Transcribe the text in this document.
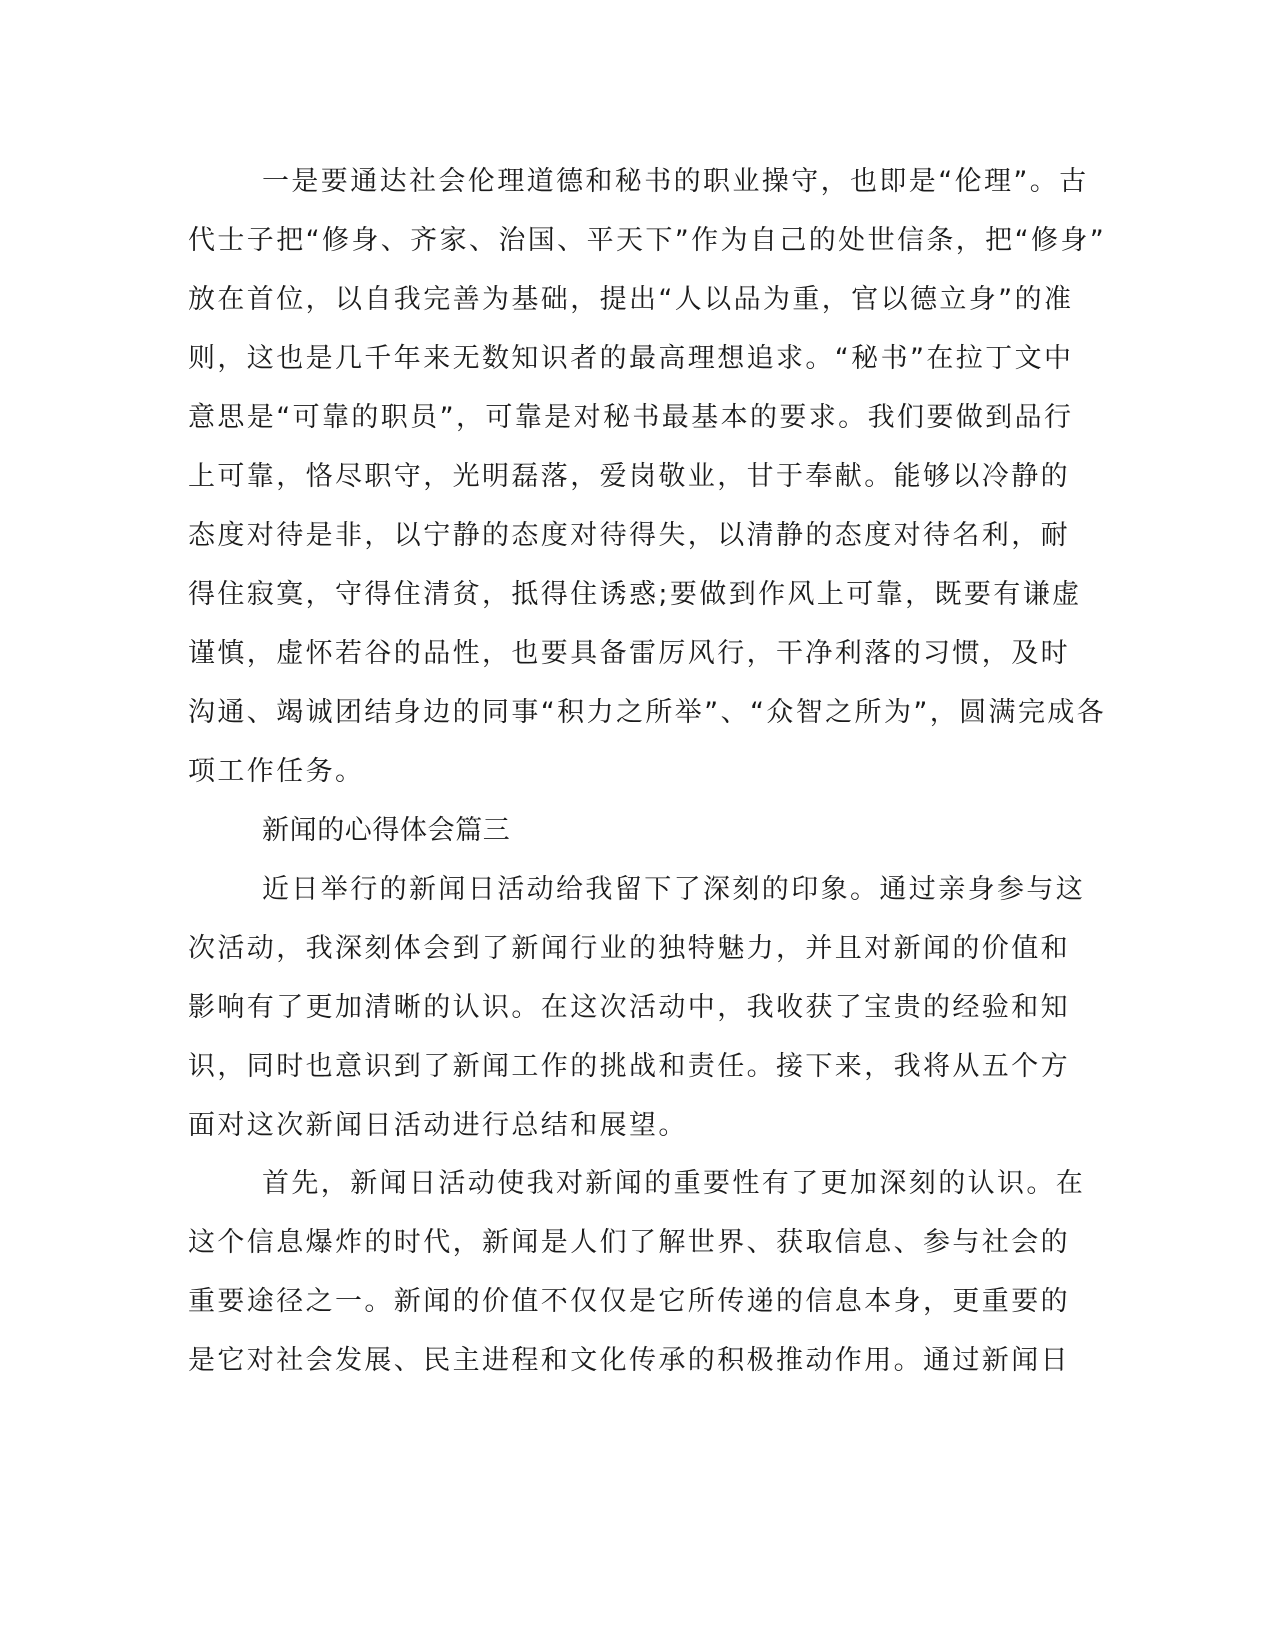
一是要通达社会伦理道德和秘书的职业操守，也即是“伦理”。古
代士子把“修身、齐家、治国、平天下”作为自己的处世信条，把“修身”
放在首位，以自我完善为基础，提出“人以品为重，官以德立身”的准
则，这也是几千年来无数知识者的最高理想追求。“秘书”在拉丁文中
意思是“可靠的职员”，可靠是对秘书最基本的要求。我们要做到品行
上可靠，恪尽职守，光明磊落，爱岗敬业，甘于奉献。能够以冷静的
态度对待是非，以宁静的态度对待得失，以清静的态度对待名利，耐
得住寂寞，守得住清贫，抵得住诱惑;要做到作风上可靠，既要有谦虚
谨慎，虚怀若谷的品性，也要具备雷厉风行，干净利落的习惯，及时
沟通、竭诚团结身边的同事“积力之所举”、“众智之所为”，圆满完成各
项工作任务。
新闻的心得体会篇三
近日举行的新闻日活动给我留下了深刻的印象。通过亲身参与这
次活动，我深刻体会到了新闻行业的独特魅力，并且对新闻的价值和
影响有了更加清晰的认识。在这次活动中，我收获了宝贵的经验和知
识，同时也意识到了新闻工作的挑战和责任。接下来，我将从五个方
面对这次新闻日活动进行总结和展望。
首先，新闻日活动使我对新闻的重要性有了更加深刻的认识。在
这个信息爆炸的时代，新闻是人们了解世界、获取信息、参与社会的
重要途径之一。新闻的价值不仅仅是它所传递的信息本身，更重要的
是它对社会发展、民主进程和文化传承的积极推动作用。通过新闻日
